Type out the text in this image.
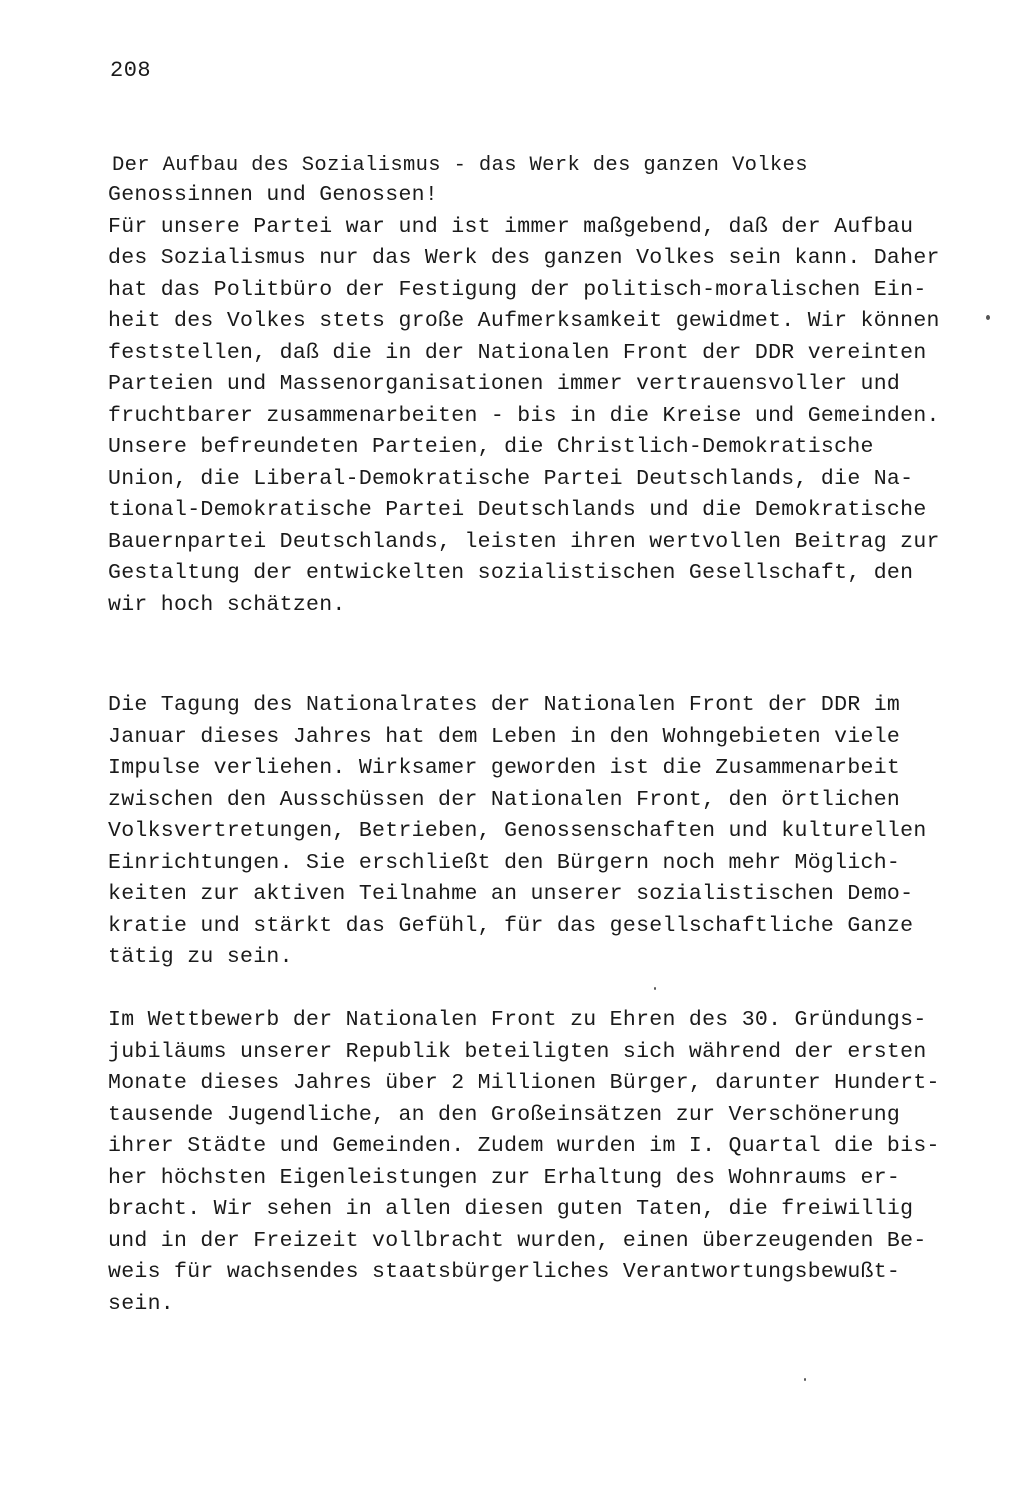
208
Der Aufbau des Sozialismus - das Werk des ganzen Volkes
Genossinnen und Genossen!
Für unsere Partei war und ist immer maßgebend, daß der Aufbau
des Sozialismus nur das Werk des ganzen Volkes sein kann. Daher
hat das Politbüro der Festigung der politisch-moralischen Ein-
heit des Volkes stets große Aufmerksamkeit gewidmet. Wir können
feststellen, daß die in der Nationalen Front der DDR vereinten
Parteien und Massenorganisationen immer vertrauensvoller und
fruchtbarer zusammenarbeiten - bis in die Kreise und Gemeinden.
Unsere befreundeten Parteien, die Christlich-Demokratische
Union, die Liberal-Demokratische Partei Deutschlands, die Na-
tional-Demokratische Partei Deutschlands und die Demokratische
Bauernpartei Deutschlands, leisten ihren wertvollen Beitrag zur
Gestaltung der entwickelten sozialistischen Gesellschaft, den
wir hoch schätzen.
Die Tagung des Nationalrates der Nationalen Front der DDR im
Januar dieses Jahres hat dem Leben in den Wohngebieten viele
Impulse verliehen. Wirksamer geworden ist die Zusammenarbeit
zwischen den Ausschüssen der Nationalen Front, den örtlichen
Volksvertretungen, Betrieben, Genossenschaften und kulturellen
Einrichtungen. Sie erschließt den Bürgern noch mehr Möglich-
keiten zur aktiven Teilnahme an unserer sozialistischen Demo-
kratie und stärkt das Gefühl, für das gesellschaftliche Ganze
tätig zu sein.
Im Wettbewerb der Nationalen Front zu Ehren des 30. Gründungs-
jubiläums unserer Republik beteiligten sich während der ersten
Monate dieses Jahres über 2 Millionen Bürger, darunter Hundert-
tausende Jugendliche, an den Großeinsätzen zur Verschönerung
ihrer Städte und Gemeinden. Zudem wurden im I. Quartal die bis-
her höchsten Eigenleistungen zur Erhaltung des Wohnraums er-
bracht. Wir sehen in allen diesen guten Taten, die freiwillig
und in der Freizeit vollbracht wurden, einen überzeugenden Be-
weis für wachsendes staatsbürgerliches Verantwortungsbewußt-
sein.
